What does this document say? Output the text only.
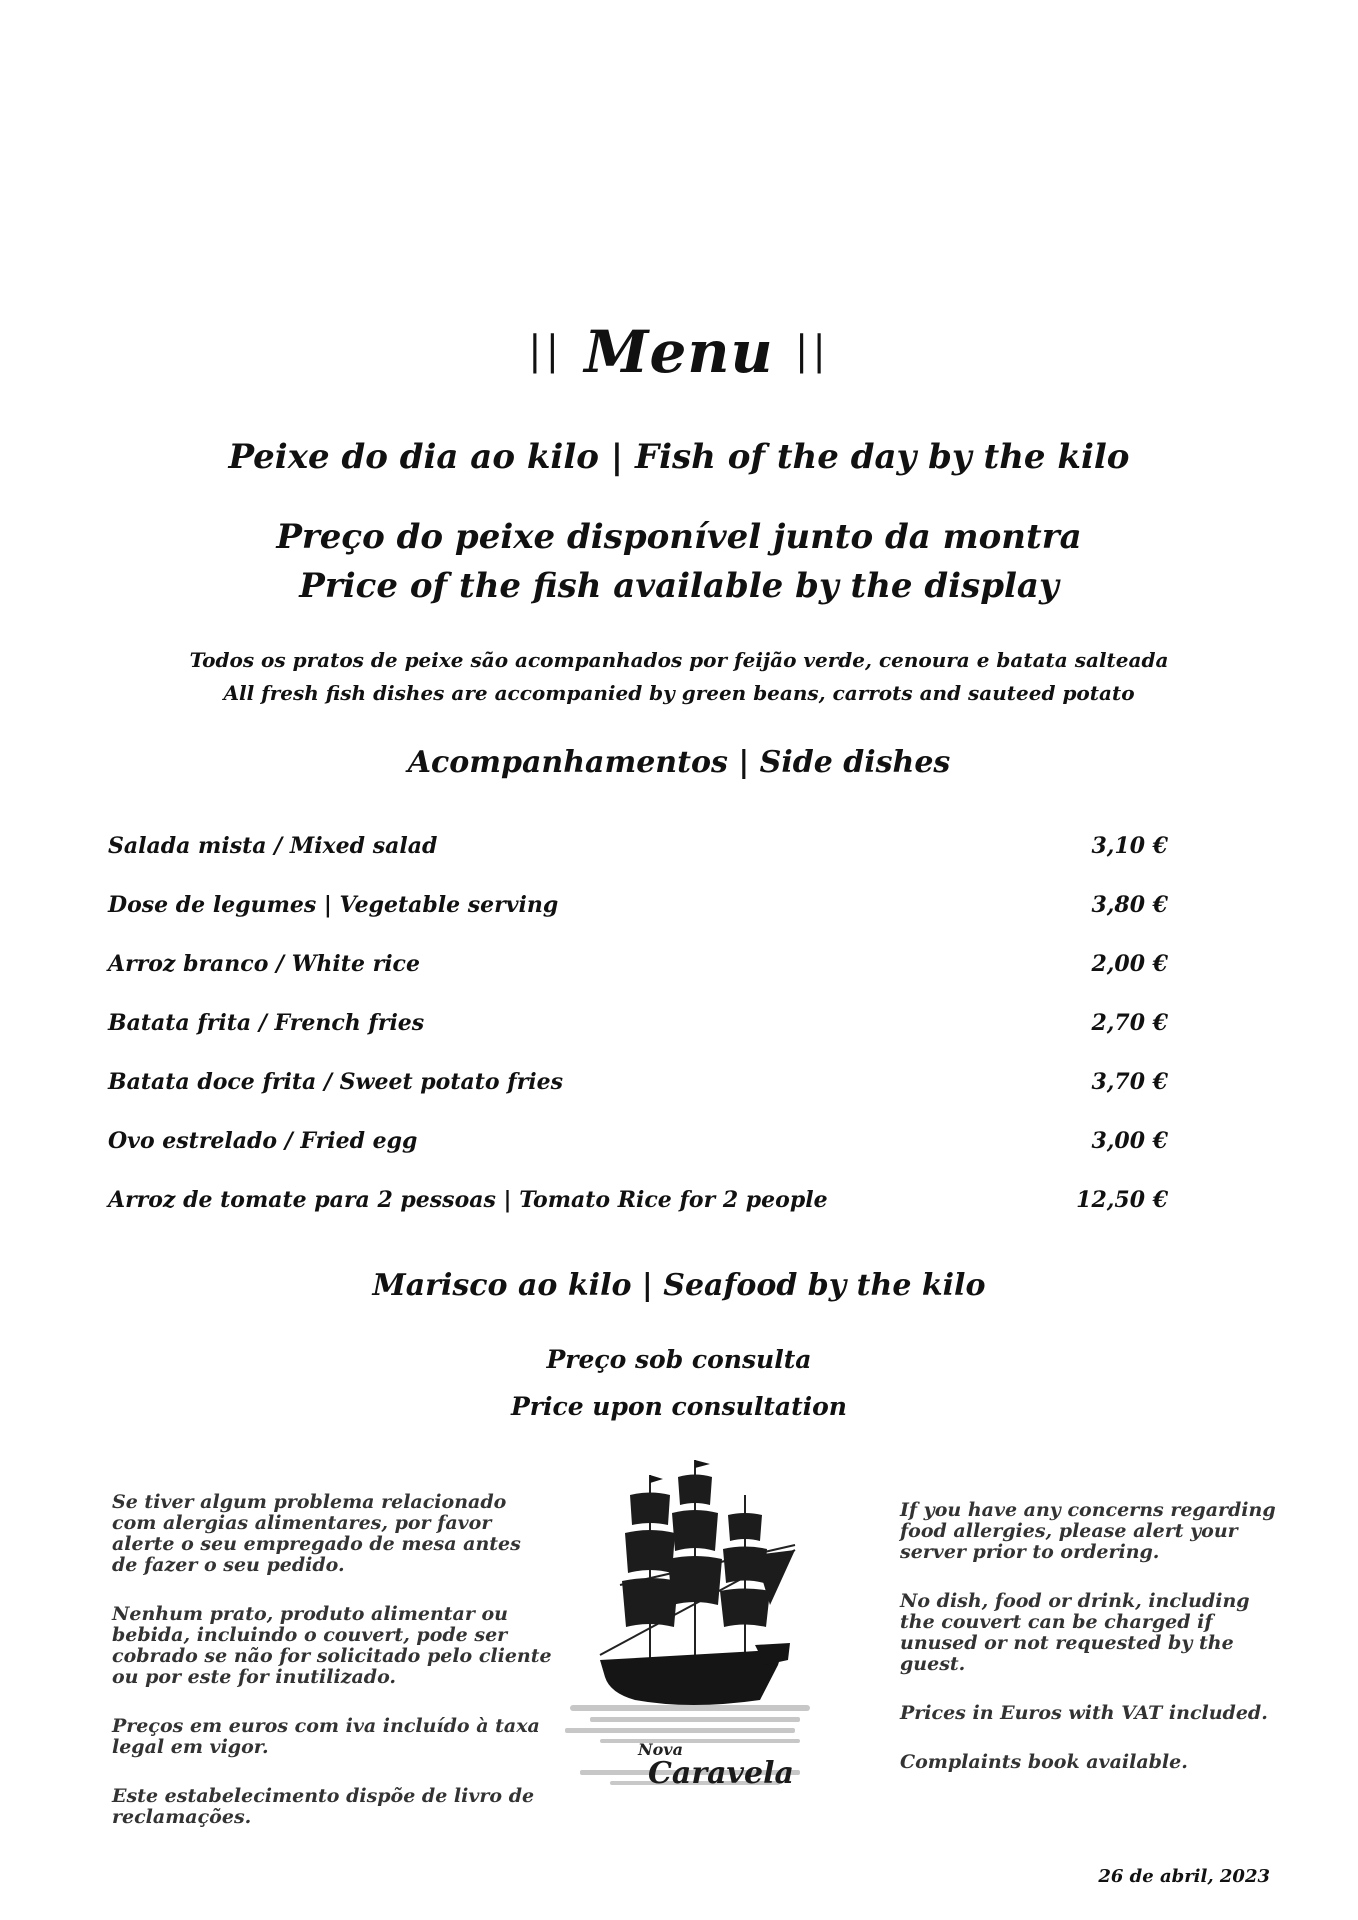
|| Menu ||
Peixe do dia ao kilo | Fish of the day by the kilo
Preço do peixe disponível junto da montra
Price of the fish available by the display
Todos os pratos de peixe são acompanhados por feijão verde, cenoura e batata salteada
All fresh fish dishes are accompanied by green beans, carrots and sauteed potato
Acompanhamentos | Side dishes
Salada mista / Mixed salad	3,10 €
Dose de legumes | Vegetable serving	3,80 €
Arroz branco / White rice	2,00 €
Batata frita / French fries	2,70 €
Batata doce frita / Sweet potato fries	3,70 €
Ovo estrelado / Fried egg	3,00 €
Arroz de tomate para 2 pessoas | Tomato Rice for 2 people	12,50 €
Marisco ao kilo | Seafood by the kilo
Preço sob consulta
Price upon consultation

Se tiver algum problema relacionado com alergias alimentares, por favor alerte o seu empregado de mesa antes de fazer o seu pedido.

Nenhum prato, produto alimentar ou bebida, incluindo o couvert, pode ser cobrado se não for solicitado pelo cliente ou por este for inutilizado.

Preços em euros com iva incluído à taxa legal em vigor.

Este estabelecimento dispõe de livro de reclamações.

Nova
Caravela

If you have any concerns regarding food allergies, please alert your server prior to ordering.

No dish, food or drink, including the couvert can be charged if unused or not requested by the guest.

Prices in Euros with VAT included.

Complaints book available.

26 de abril, 2023
